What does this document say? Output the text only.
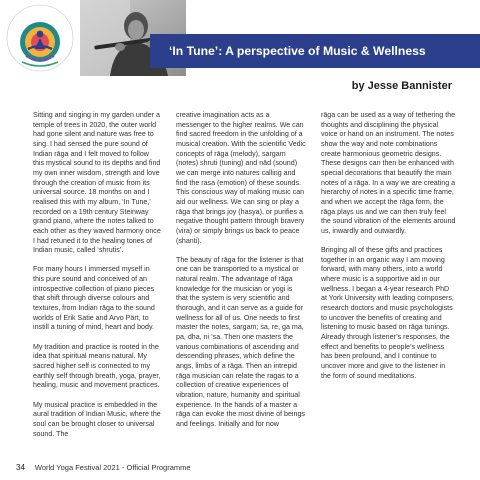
‘In Tune’: A perspective of Music & Wellness
by Jesse Bannister

Sitting and singing in my garden under a temple of trees in 2020, the outer world had gone silent and nature was free to sing. I had sensed the pure sound of Indian rāga and I felt moved to follow this mystical sound to its depths and find my own inner wisdom, strength and love through the creation of music from its universal source. 18 months on and I realised this with my album, ‘In Tune,’ recorded on a 19th century Steinway grand piano, where the notes talked to each other as they waved harmony once I had retuned it to the healing tones of Indian music, called ‘shrutis’.

For many hours I immersed myself in this pure sound and conceived of an introspective collection of piano pieces that shift through diverse colours and textures, from Indian rāga to the sound worlds of Erik Satie and Arvo Pärt, to instill a tuning of mind, heart and body.

My tradition and practice is rooted in the idea that spiritual means natural. My sacred higher self is connected to my earthly self through breath, yoga, prayer, healing, music and movement practices.

My musical practice is embedded in the aural tradition of Indian Music, where the soul can be brought closer to universal sound. The

creative imagination acts as a messenger to the higher realms. We can find sacred freedom in the unfolding of a musical creation. With the scientific Vedic concepts of rāga (melody), sargam (notes) shruti (tuning) and nād (sound) we can merge into natures calling and find the rasa (emotion) of these sounds. This conscious way of making music can aid our wellness. We can sing or play a rāga that brings joy (hasya), or purifies a negative thought pattern through bravery (vira) or simply brings us back to peace (shanti).

The beauty of rāga for the listener is that one can be transported to a mystical or natural realm. The advantage of rāga knowledge for the musician or yogi is that the system is very scientific and thorough, and it can serve as a guide for wellness for all of us. One needs to first master the notes, sargam; sa, re, ga ma, pa, dha, ni ‘sa. Then one masters the various combinations of ascending and descending phrases, which define the angs, limbs of a rāga. Then an intrepid rāga musician can relate the ragas to a collection of creative experiences of vibration, nature, humanity and spiritual experience. In the hands of a master a rāga can evoke the most divine of beings and feelings. Initially and for now

rāga can be used as a way of tethering the thoughts and disciplining the physical voice or hand on an instrument. The notes show the way and note combinations create harmonious geometric designs. These designs can then be enhanced with special decorations that beautify the main notes of a rāga. In a way we are creating a hierarchy of notes in a specific time frame, and when we accept the rāga form, the rāga plays us and we can then truly feel the sound vibration of the elements around us, inwardly and outwardly.

Bringing all of these gifts and practices together in an organic way I am moving forward, with many others, into a world where music is a supportive aid in our wellness. I began a 4-year research PhD at York University with leading composers, research doctors and music psychologists to uncover the benefits of creating and listening to music based on rāga tunings. Already through listener’s responses, the effect and benefits to people’s wellness has been profound, and I continue to uncover more and give to the listener in the form of sound meditations.

34 World Yoga Festival 2021 - Official Programme
